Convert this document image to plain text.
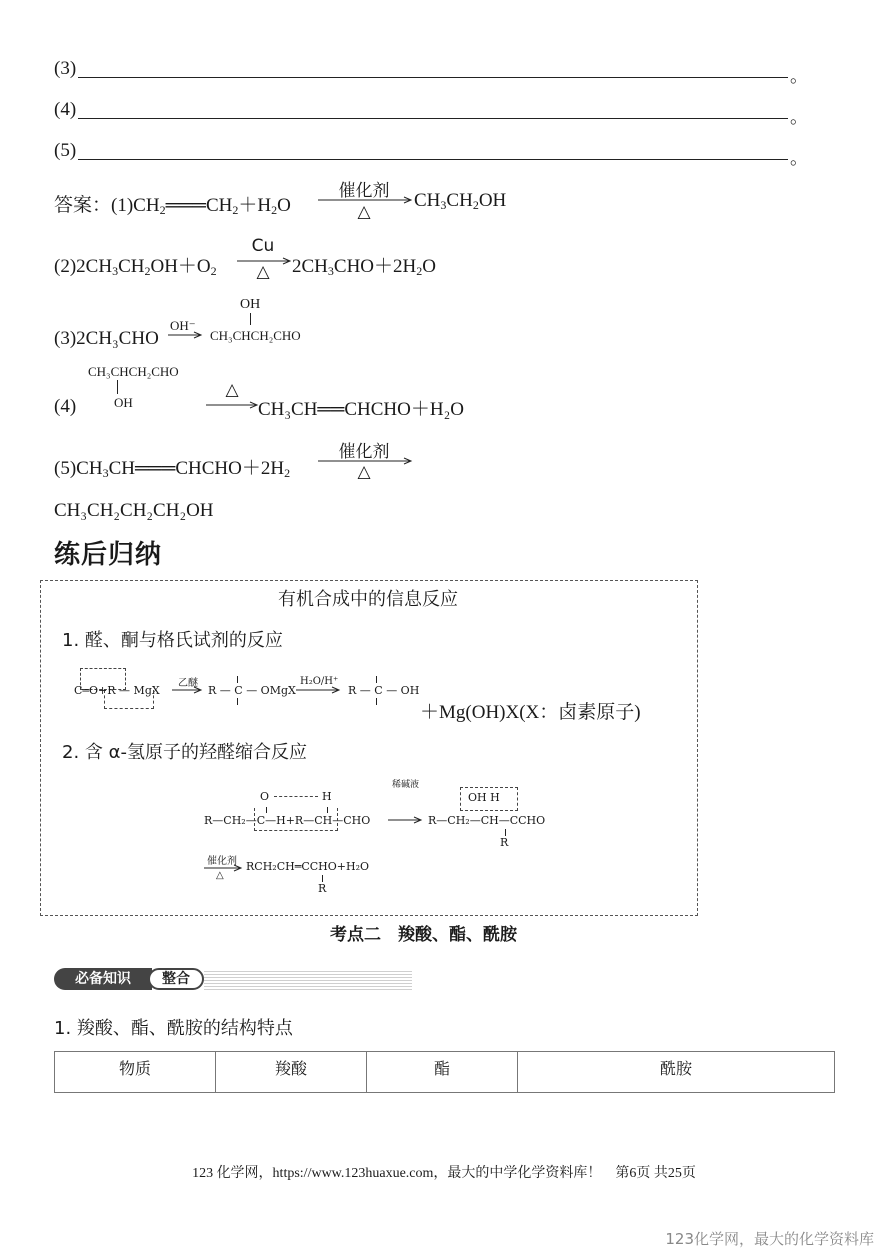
(3)	。
(4)	。
(5)	。
答案：$(1)CH_2═══CH_2+H_2O$
催化剂
△
$CH_3CH_2OH$
$(2)2CH_3CH_2OH+O_2$
Cu
△	$2CH_3CHO+2H_2O$
(3)2CH₃CHO
OH⁻
OH
CH₃CHCH₂CHO
CH₃CHCH₂CHO
OH
(4)
△
CH₃CH══CHCHO＋H₂O
$(5)CH_3CH═══CHCHO+2H_2$
催化剂
△
CH₃CH₂CH₂CH₂OH
练后归纳
有机合成中的信息反应
1. 醛、酮与格氏试剂的反应
C═O+R — MgX
乙醚
→ R — C — OMgX
H₂O/H⁺
→ R — C — OH
＋Mg(OH)X(X：卤素原子)
2. 含 α-氢原子的羟醛缩合反应
O	H
R—CH₂—C—H+R—CH—CHO
稀碱液
OH H
R—CH₂—CH—CCHO
R
催化剂
△
RCH₂CH═CCHO+H₂O
R
考点二　羧酸、酯、酰胺
必备知识	整合
1. 羧酸、酯、酰胺的结构特点
物质	羧酸	酯	酰胺
123 化学网，https://www.123huaxue.com，最大的中学化学资料库！　第6页 共25页
123化学网，最大的化学资料库
